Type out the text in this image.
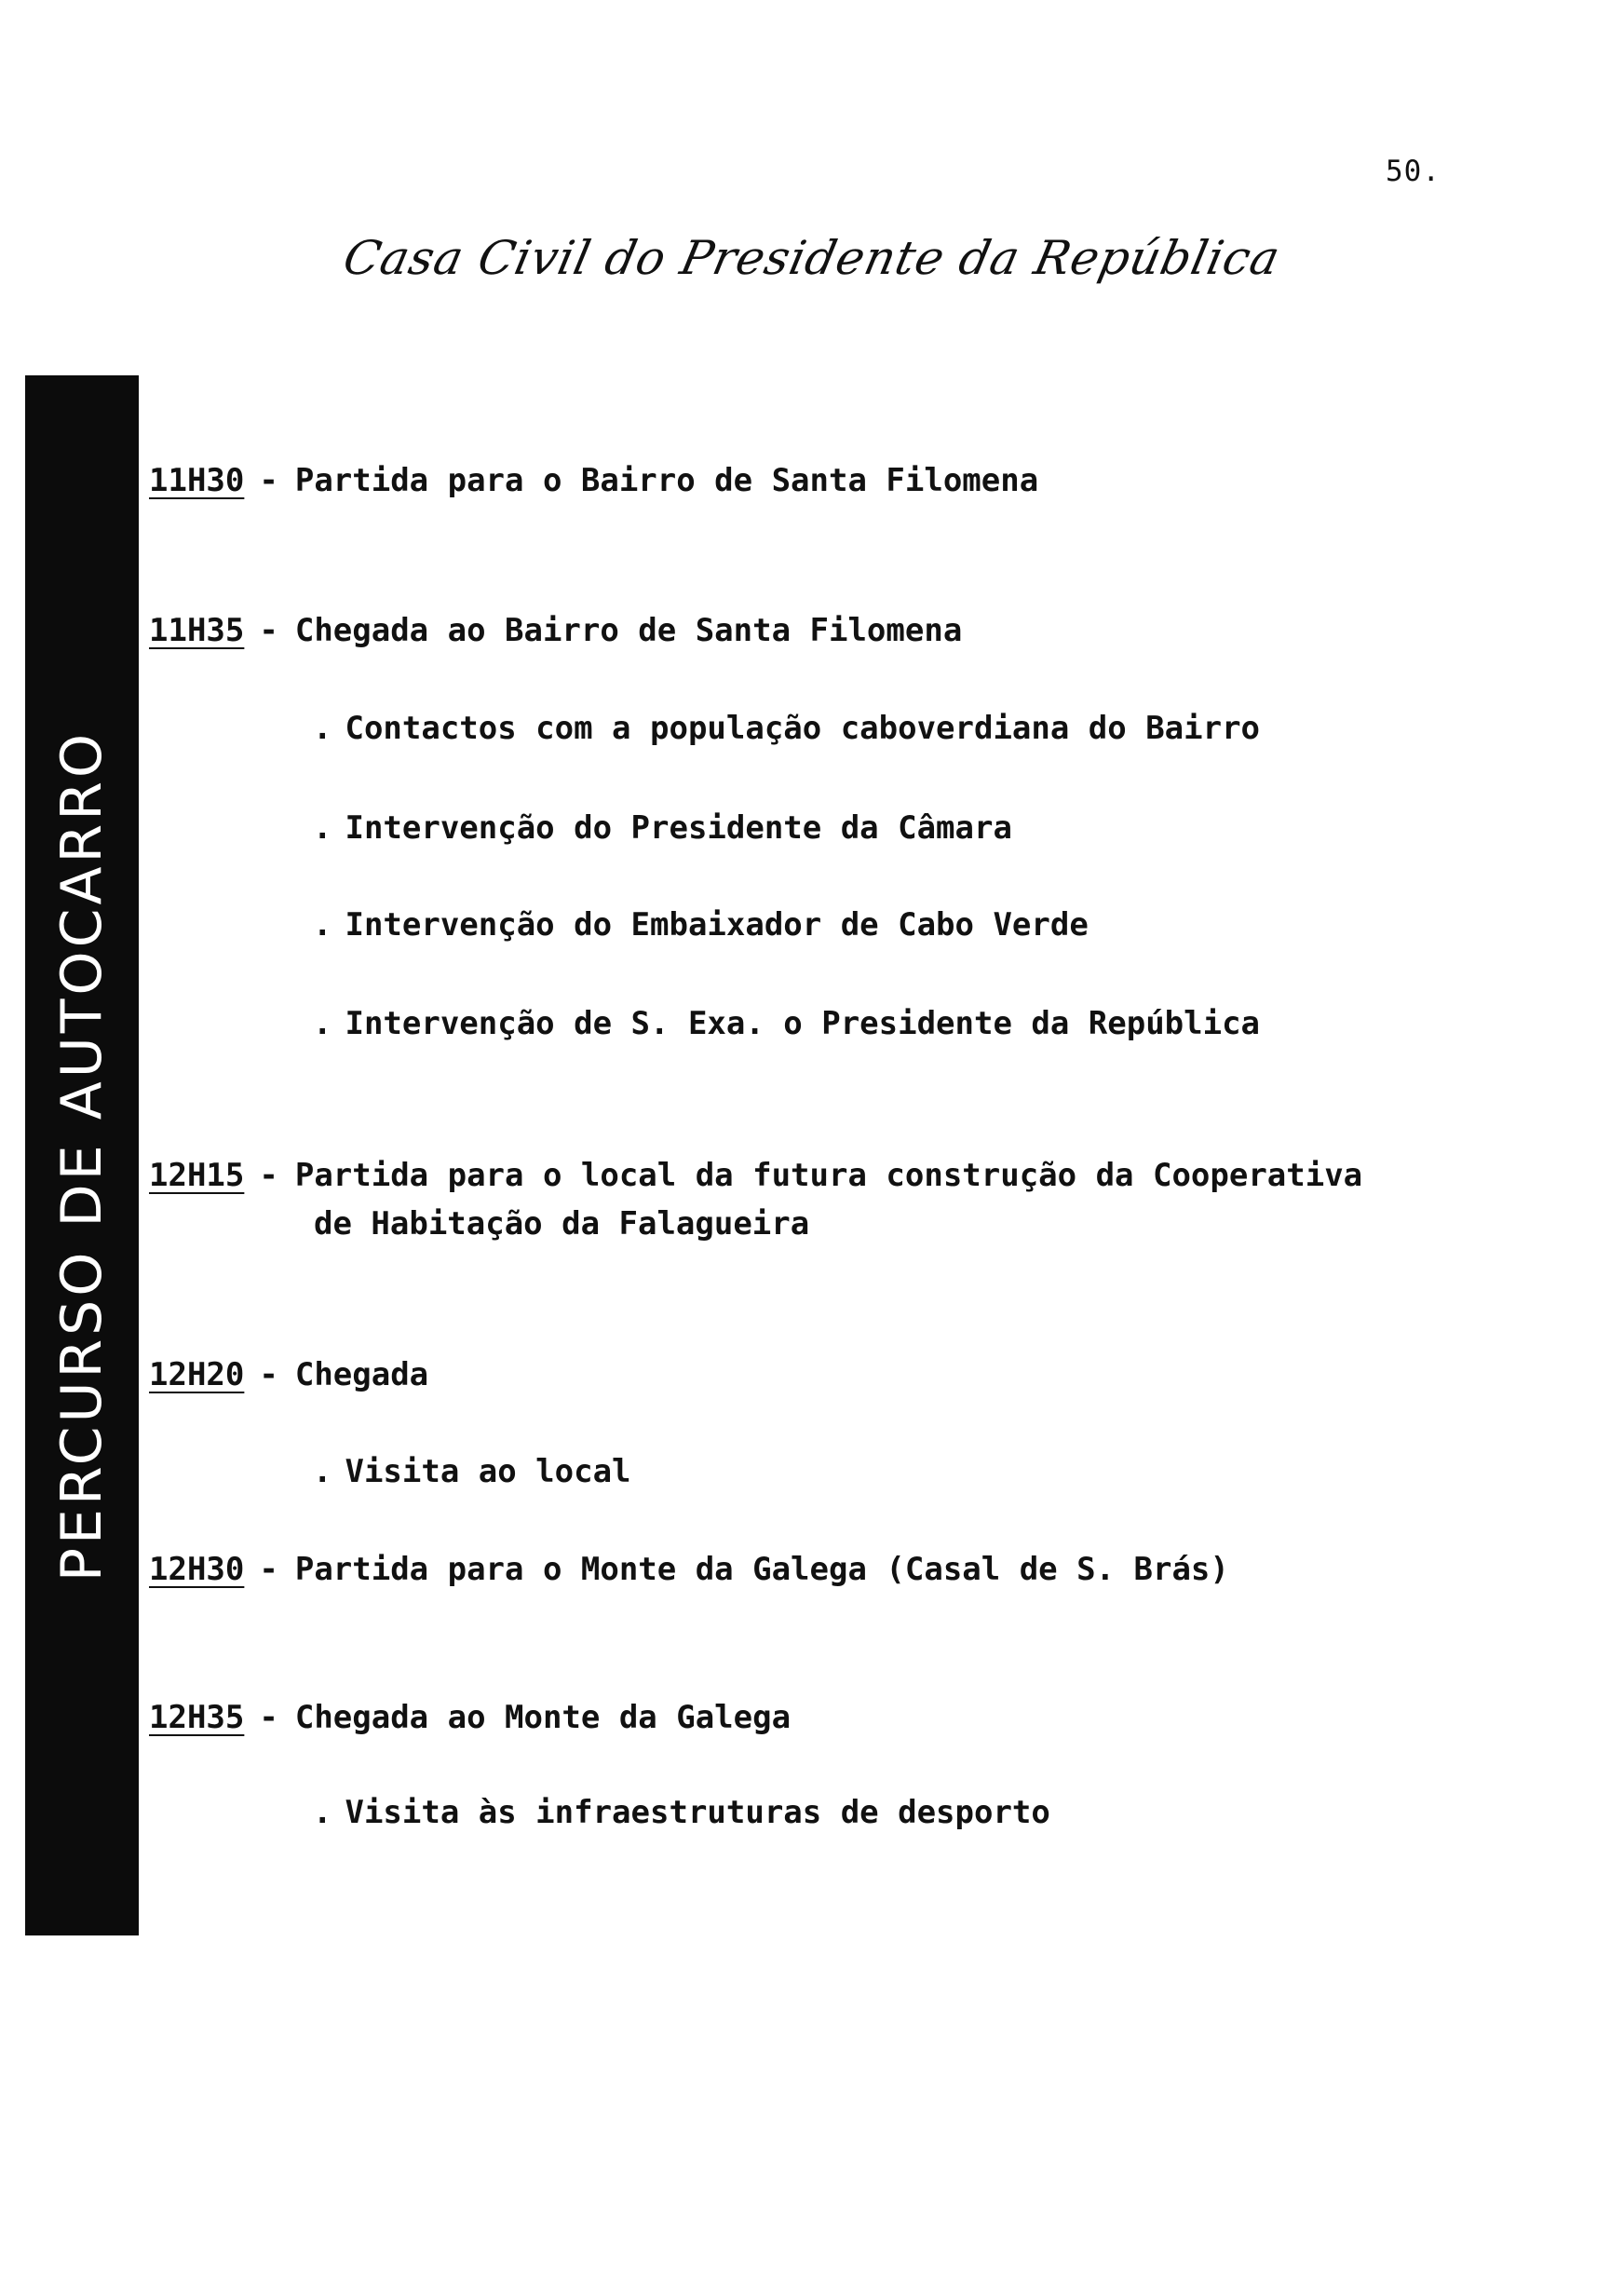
50.
Casa Civil do Presidente da República
PERCURSO DE AUTOCARRO
11H30 - Partida para o Bairro de Santa Filomena
11H35 - Chegada ao Bairro de Santa Filomena
. Contactos com a população caboverdiana do Bairro
. Intervenção do Presidente da Câmara
. Intervenção do Embaixador de Cabo Verde
. Intervenção de S. Exa. o Presidente da República
12H15 - Partida para o local da futura construção da Cooperativa
de Habitação da Falagueira
12H20 - Chegada
. Visita ao local
12H30 - Partida para o Monte da Galega (Casal de S. Brás)
12H35 - Chegada ao Monte da Galega
. Visita às infraestruturas de desporto
